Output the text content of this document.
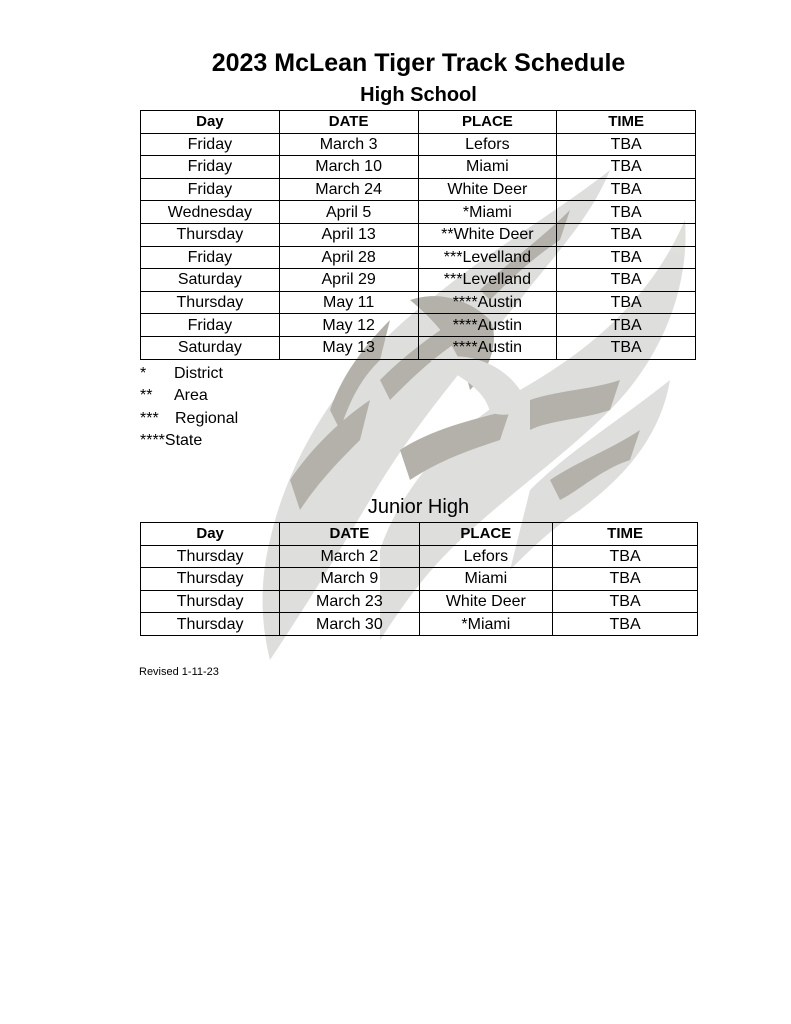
2023 McLean Tiger Track Schedule
High School
Day	DATE	PLACE	TIME
Friday	March 3	Lefors	TBA
Friday	March 10	Miami	TBA
Friday	March 24	White Deer	TBA
Wednesday	April 5	*Miami	TBA
Thursday	April 13	**White Deer	TBA
Friday	April 28	***Levelland	TBA
Saturday	April 29	***Levelland	TBA
Thursday	May 11	****Austin	TBA
Friday	May 12	****Austin	TBA
Saturday	May 13	****Austin	TBA
* District
** Area
*** Regional
****State
Junior High
Day	DATE	PLACE	TIME
Thursday	March 2	Lefors	TBA
Thursday	March 9	Miami	TBA
Thursday	March 23	White Deer	TBA
Thursday	March 30	*Miami	TBA
Revised 1-11-23
